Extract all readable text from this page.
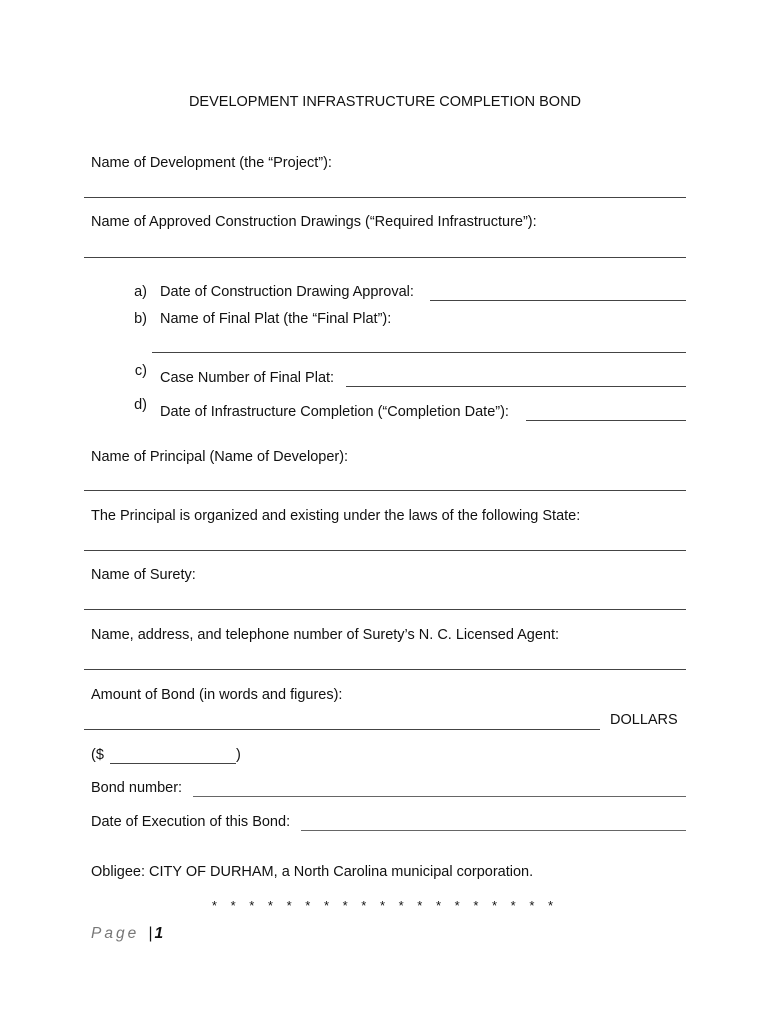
DEVELOPMENT INFRASTRUCTURE COMPLETION BOND
Name of Development (the “Project”):
Name of Approved Construction Drawings (“Required Infrastructure”):
a) Date of Construction Drawing Approval:
b) Name of Final Plat (the “Final Plat”):
c) Case Number of Final Plat:
d) Date of Infrastructure Completion (“Completion Date”):
Name of Principal (Name of Developer):
The Principal is organized and existing under the laws of the following State:
Name of Surety:
Name, address, and telephone number of Surety’s N. C. Licensed Agent:
Amount of Bond (in words and figures):
DOLLARS
($	)
Bond number:
Date of Execution of this Bond:
Obligee: CITY OF DURHAM, a North Carolina municipal corporation.
* * * * * * * * * * * * * * * * * * *
Page | 1
